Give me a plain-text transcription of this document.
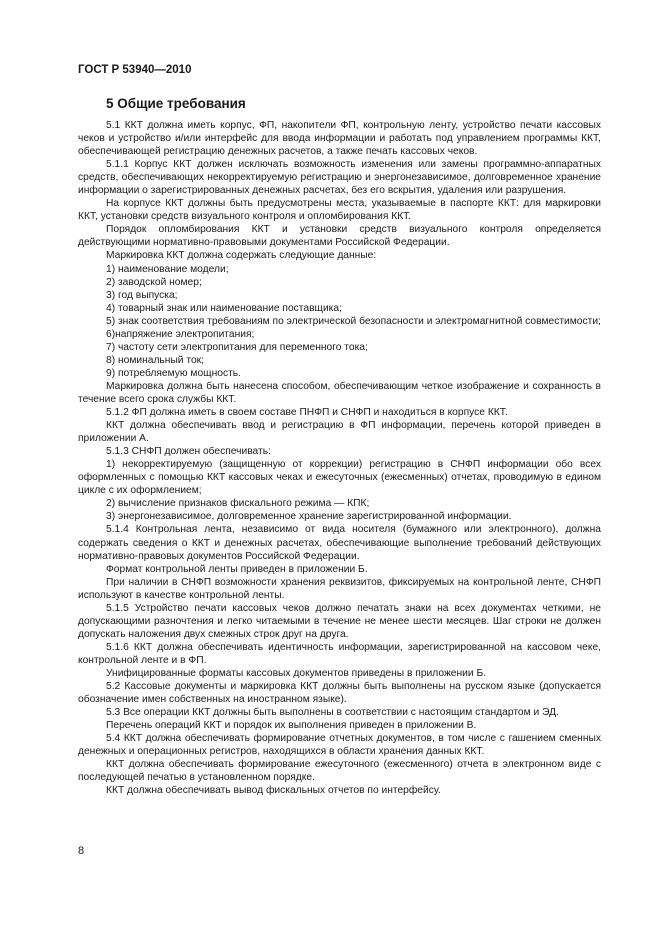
ГОСТ Р 53940—2010
5 Общие требования

5.1 ККТ должна иметь корпус, ФП, накопители ФП, контрольную ленту, устройство печати кассовых чеков и устройство и/или интерфейс для ввода информации и работать под управлением программы ККТ, обеспечивающей регистрацию денежных расчетов, а также печать кассовых чеков.

5.1.1 Корпус ККТ должен исключать возможность изменения или замены программно-аппаратных средств, обеспечивающих некорректируемую регистрацию и энергонезависимое, долговременное хранение информации о зарегистрированных денежных расчетах, без его вскрытия, удаления или разрушения.

На корпусе ККТ должны быть предусмотрены места, указываемые в паспорте ККТ: для маркировки ККТ, установки средств визуального контроля и опломбирования ККТ.

Порядок опломбирования ККТ и установки средств визуального контроля определяется действующими нормативно-правовыми документами Российской Федерации.

Маркировка ККТ должна содержать следующие данные:

1) наименование модели;

2) заводской номер;

3) год выпуска;

4) товарный знак или наименование поставщика;

5) знак соответствия требованиям по электрической безопасности и электромагнитной совместимости;

6)напряжение электропитания;

7) частоту сети электропитания для переменного тока;

8) номинальный ток;

9) потребляемую мощность.

Маркировка должна быть нанесена способом, обеспечивающим четкое изображение и сохранность в течение всего срока службы ККТ.

5.1.2 ФП должна иметь в своем составе ПНФП и СНФП и находиться в корпусе ККТ.

ККТ должна обеспечивать ввод и регистрацию в ФП информации, перечень которой приведен в приложении А.

5.1.3 СНФП должен обеспечивать:

1) некорректируемую (защищенную от коррекции) регистрацию в СНФП информации обо всех оформленных с помощью ККТ кассовых чеках и ежесуточных (ежесменных) отчетах, проводимую в едином цикле с их оформлением;

2) вычисление признаков фискального режима — КПК;

3) энергонезависимое, долговременное хранение зарегистрированной информации.

5.1.4 Контрольная лента, независимо от вида носителя (бумажного или электронного), должна содержать сведения о ККТ и денежных расчетах, обеспечивающие выполнение требований действующих нормативно-правовых документов Российской Федерации.

Формат контрольной ленты приведен в приложении Б.

При наличии в СНФП возможности хранения реквизитов, фиксируемых на контрольной ленте, СНФП используют в качестве контрольной ленты.

5.1.5 Устройство печати кассовых чеков должно печатать знаки на всех документах четкими, не допускающими разночтения и легко читаемыми в течение не менее шести месяцев. Шаг строки не должен допускать наложения двух смежных строк друг на друга.

5.1.6 ККТ должна обеспечивать идентичность информации, зарегистрированной на кассовом чеке, контрольной ленте и в ФП.

Унифицированные форматы кассовых документов приведены в приложении Б.

5.2 Кассовые документы и маркировка ККТ должны быть выполнены на русском языке (допускается обозначение имен собственных на иностранном языке).

5.3 Все операции ККТ должны быть выполнены в соответствии с настоящим стандартом и ЭД.

Перечень операций ККТ и порядок их выполнения приведен в приложении В.

5.4 ККТ должна обеспечивать формирование отчетных документов, в том числе с гашением сменных денежных и операционных регистров, находящихся в области хранения данных ККТ.

ККТ должна обеспечивать формирование ежесуточного (ежесменного) отчета в электронном виде с последующей печатью в установленном порядке.

ККТ должна обеспечивать вывод фискальных отчетов по интерфейсу.

8
